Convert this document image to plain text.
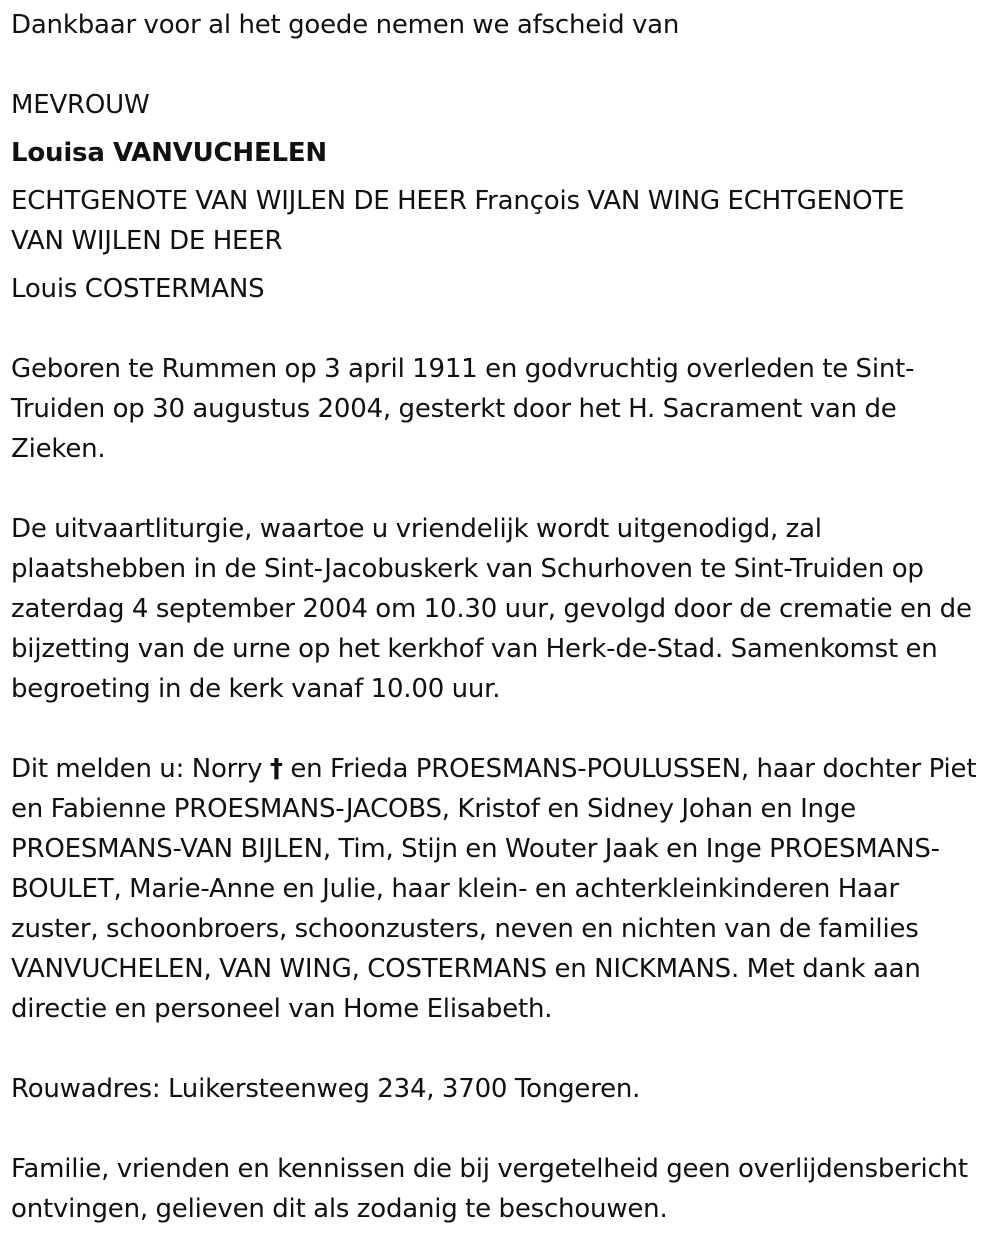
Dankbaar voor al het goede nemen we afscheid van

MEVROUW

Louisa VANVUCHELEN

ECHTGENOTE VAN WIJLEN DE HEER François VAN WING ECHTGENOTE

VAN WIJLEN DE HEER

Louis COSTERMANS

Geboren te Rummen op 3 april 1911 en godvruchtig overleden te Sint-Truiden op 30 augustus 2004, gesterkt door het H. Sacrament van de Zieken.

De uitvaartliturgie, waartoe u vriendelijk wordt uitgenodigd, zal plaatshebben in de Sint-Jacobuskerk van Schurhoven te Sint-Truiden op zaterdag 4 september 2004 om 10.30 uur, gevolgd door de crematie en de bijzetting van de urne op het kerkhof van Herk-de-Stad. Samenkomst en begroeting in de kerk vanaf 10.00 uur.

Dit melden u: Norry † en Frieda PROESMANS-POULUSSEN, haar dochter Piet en Fabienne PROESMANS-JACOBS, Kristof en Sidney Johan en Inge PROESMANS-VAN BIJLEN, Tim, Stijn en Wouter Jaak en Inge PROESMANS-BOULET, Marie-Anne en Julie, haar klein- en achterkleinkinderen Haar zuster, schoonbroers, schoonzusters, neven en nichten van de families VANVUCHELEN, VAN WING, COSTERMANS en NICKMANS. Met dank aan directie en personeel van Home Elisabeth.

Rouwadres: Luikersteenweg 234, 3700 Tongeren.

Familie, vrienden en kennissen die bij vergetelheid geen overlijdensbericht ontvingen, gelieven dit als zodanig te beschouwen.
